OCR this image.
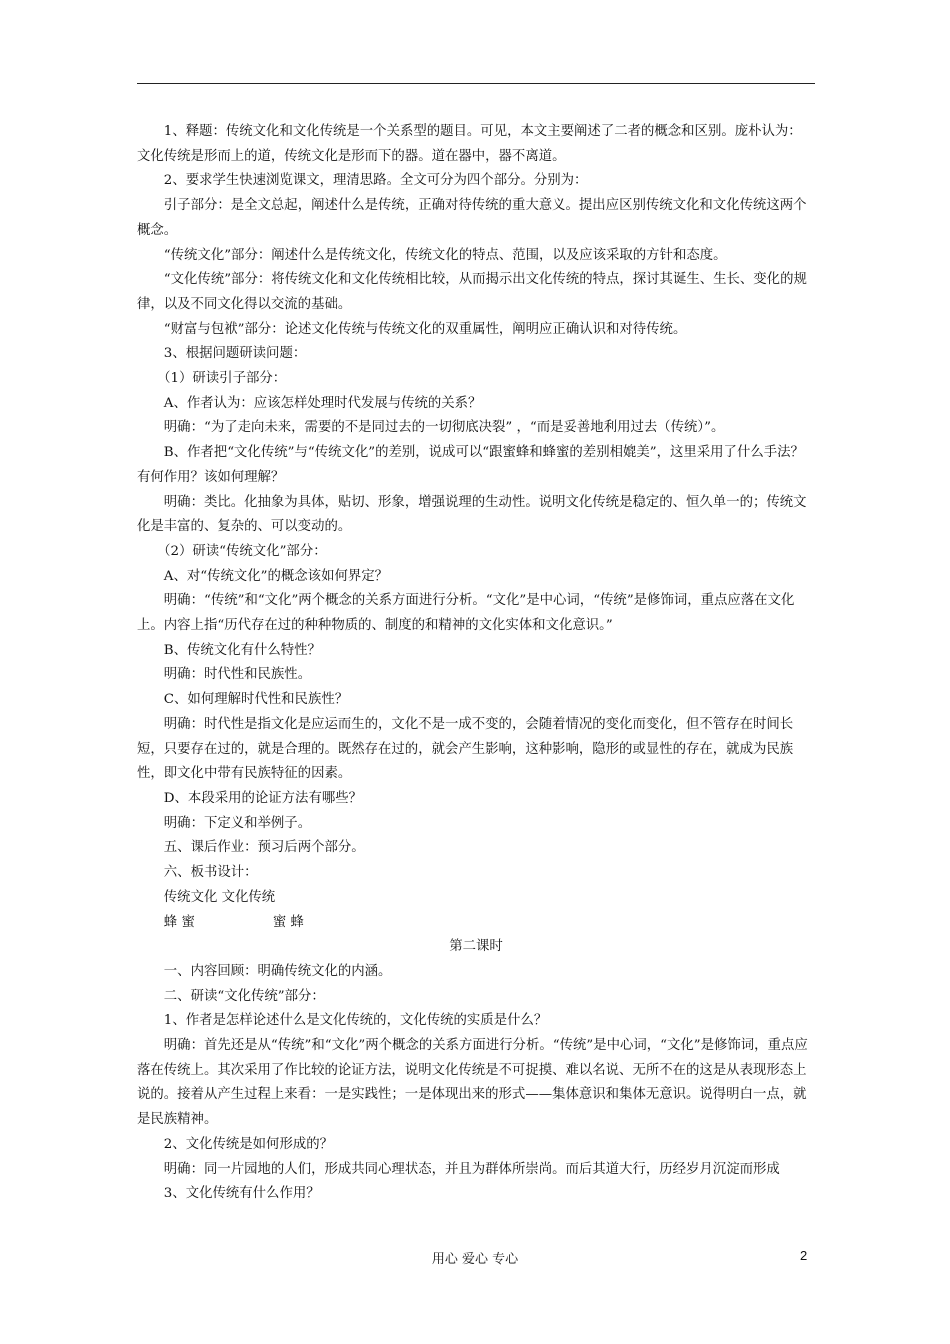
1、释题：传统文化和文化传统是一个关系型的题目。可见，本文主要阐述了二者的概念和区别。庞朴认为：文化传统是形而上的道，传统文化是形而下的器。道在器中，器不离道。

2、要求学生快速浏览课文，理清思路。全文可分为四个部分。分别为：

引子部分：是全文总起，阐述什么是传统，正确对待传统的重大意义。提出应区别传统文化和文化传统这两个概念。

“传统文化”部分：阐述什么是传统文化，传统文化的特点、范围，以及应该采取的方针和态度。

“文化传统”部分：将传统文化和文化传统相比较，从而揭示出文化传统的特点，探讨其诞生、生长、变化的规律，以及不同文化得以交流的基础。

“财富与包袱”部分：论述文化传统与传统文化的双重属性，阐明应正确认识和对待传统。

3、根据问题研读问题：

（1）研读引子部分：

A、作者认为：应该怎样处理时代发展与传统的关系？

明确：“为了走向未来，需要的不是同过去的一切彻底决裂” ，“而是妥善地利用过去（传统）”。

B、作者把“文化传统”与“传统文化”的差别，说成可以“跟蜜蜂和蜂蜜的差别相媲美”，这里采用了什么手法？有何作用？该如何理解？

明确：类比。化抽象为具体，贴切、形象，增强说理的生动性。说明文化传统是稳定的、恒久单一的；传统文化是丰富的、复杂的、可以变动的。

（2）研读“传统文化”部分：

A、对“传统文化”的概念该如何界定？

明确：“传统”和“文化”两个概念的关系方面进行分析。“文化”是中心词，“传统”是修饰词，重点应落在文化上。内容上指“历代存在过的种种物质的、制度的和精神的文化实体和文化意识。”

B、传统文化有什么特性？

明确：时代性和民族性。

C、如何理解时代性和民族性？

明确：时代性是指文化是应运而生的，文化不是一成不变的，会随着情况的变化而变化，但不管存在时间长短，只要存在过的，就是合理的。既然存在过的，就会产生影响，这种影响，隐形的或显性的存在，就成为民族性，即文化中带有民族特征的因素。

D、本段采用的论证方法有哪些？

明确：下定义和举例子。

五、课后作业：预习后两个部分。

六、板书设计：

传统文化 文化传统

蜂 蜜	蜜 蜂

第二课时

一、内容回顾：明确传统文化的内涵。

二、研读“文化传统”部分：

1、作者是怎样论述什么是文化传统的，文化传统的实质是什么？

明确：首先还是从“传统”和“文化”两个概念的关系方面进行分析。“传统”是中心词，“文化”是修饰词，重点应落在传统上。其次采用了作比较的论证方法，说明文化传统是不可捉摸、难以名说、无所不在的这是从表现形态上说的。接着从产生过程上来看：一是实践性；一是体现出来的形式——集体意识和集体无意识。说得明白一点，就是民族精神。

2、文化传统是如何形成的？

明确：同一片园地的人们，形成共同心理状态，并且为群体所崇尚。而后其道大行，历经岁月沉淀而形成

3、文化传统有什么作用？

用心 爱心 专心	2
